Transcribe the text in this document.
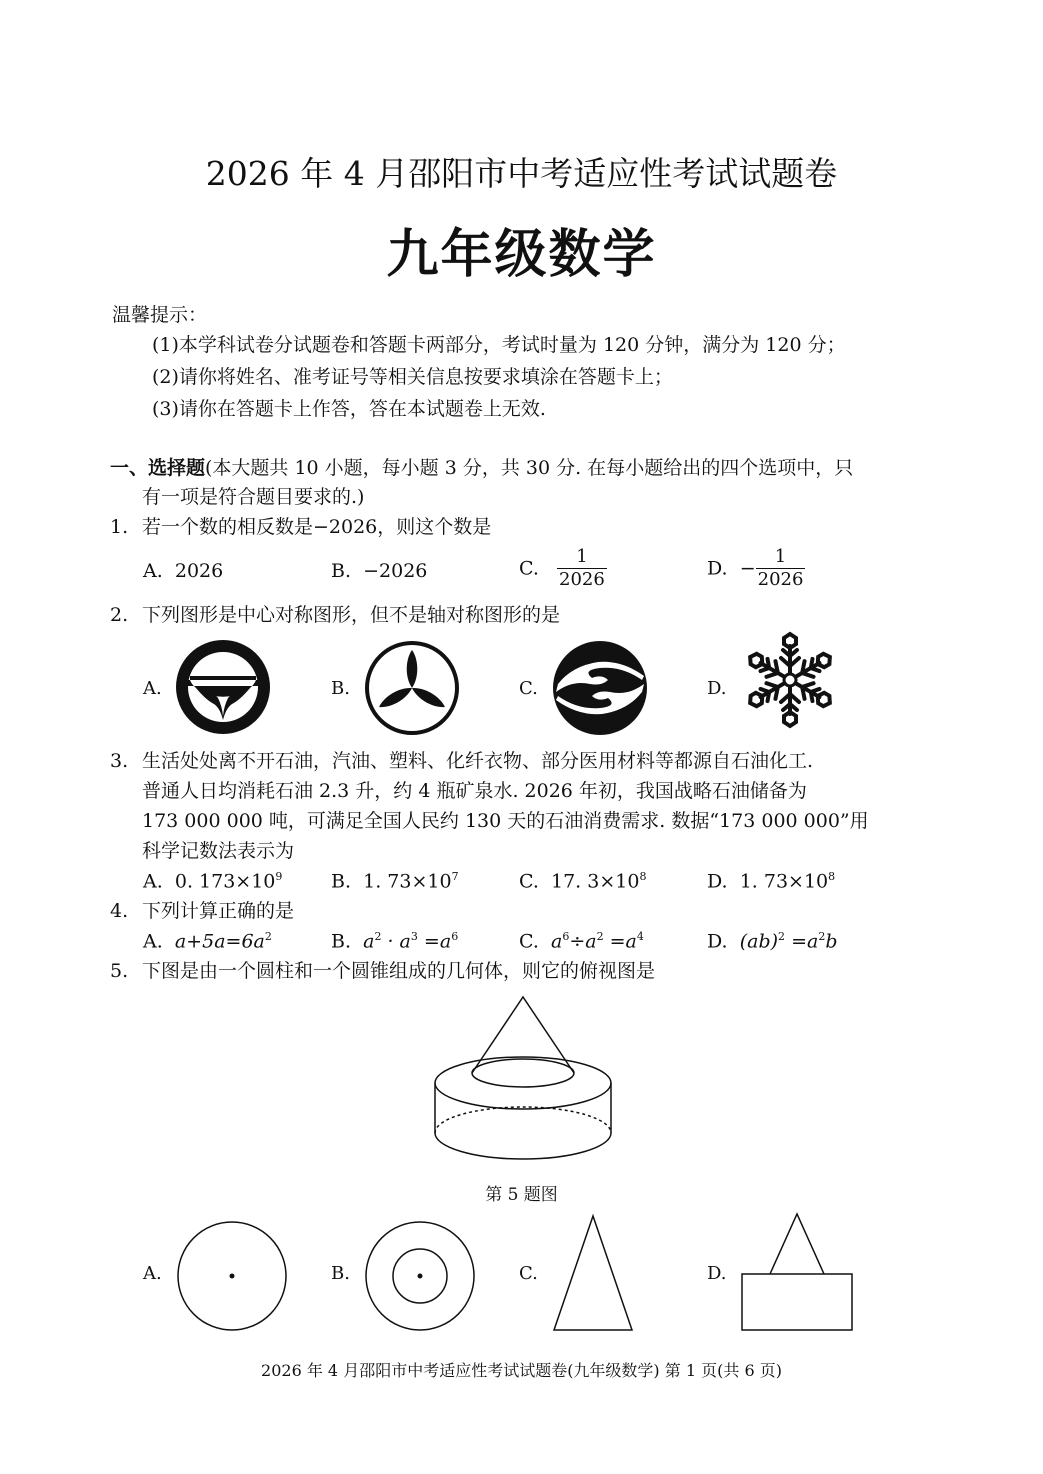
2026 年 4 月邵阳市中考适应性考试试题卷
九年级数学
温馨提示：
(1)本学科试卷分试题卷和答题卡两部分，考试时量为 120 分钟，满分为 120 分；
(2)请你将姓名、准考证号等相关信息按要求填涂在答题卡上；
(3)请你在答题卡上作答，答在本试题卷上无效.
一、选择题(本大题共 10 小题，每小题 3 分，共 30 分. 在每小题给出的四个选项中，只
有一项是符合题目要求的.)
1. 若一个数的相反数是−2026，则这个数是
A. 2026	B. −2026	C. $\frac{1}{2026}$	D. − $\frac{1}{2026}$
2. 下列图形是中心对称图形，但不是轴对称图形的是
A.	B.	C.	D.
3. 生活处处离不开石油，汽油、塑料、化纤衣物、部分医用材料等都源自石油化工.
普通人日均消耗石油 2.3 升，约 4 瓶矿泉水. 2026 年初，我国战略石油储备为
173 000 000 吨，可满足全国人民约 130 天的石油消费需求. 数据“173 000 000”用
科学记数法表示为
A. 0. $173\times 10^9$	B. 1. $73\times 10^7$	C. 17. $3\times 10^8$	D. 1. $73\times 10^8$
4. 下列计算正确的是
A. $a+5a=6a^2$	B. $a^2 \cdot a^3 =a^6$	C. $a^6\div a^2 =a^4$	D. $(ab)^2 =a^2b$
5. 下图是由一个圆柱和一个圆锥组成的几何体，则它的俯视图是
第 5 题图
A.	B.	C.	D.
2026 年 4 月邵阳市中考适应性考试试题卷(九年级数学) 第 1 页(共 6 页)
